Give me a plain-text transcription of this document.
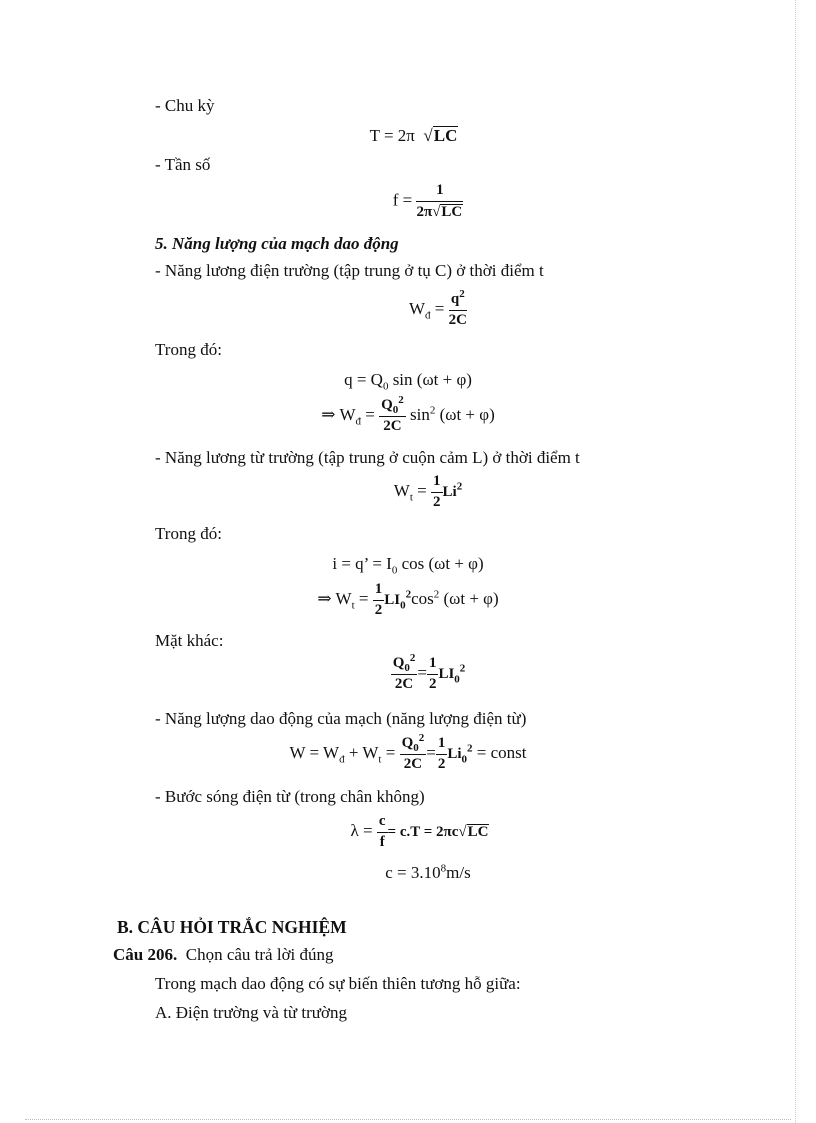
- Chu kỳ
T = 2π √LC
- Tần số
$f = \frac{1}{2\pi√LC}$
5. Năng lượng của mạch dao động
- Năng lương điện trường (tập trung ở tụ C) ở thời điểm t
$W_đ = \frac{q^2}{2C}$
Trong đó:
$q = Q_0$ sin (ωt + φ)
⇒ $W_đ = \frac{Q_0^2}{2C} \sin^2 (\omega t + \varphi)$
- Năng lương từ trường (tập trung ở cuộn cảm L) ở thời điểm t
$W_t = \frac{1}{2} Li^2$
Trong đó:
i = q’ = $I_0$ cos (ωt + φ)
⇒ $W_t = \frac{1}{2} LI_0^2\cos^2$ (ωt + φ)
Mặt khác:
$\frac{Q_0^2}{2C} = \frac{1}{2} LI_0^2$
- Năng lượng dao động của mạch (năng lượng điện từ)
$W = W_đ + W_t = \frac{Q_0^2}{2C} = \frac{1}{2} Li_0^2$ = const
- Bước sóng điện từ (trong chân không)
$\lambda = \frac{c}{f} = c.T = 2\pi c√LC$
$c = 3.10^8m/s$
B. CÂU HỎI TRẮC NGHIỆM
Câu 206. Chọn câu trả lời đúng
Trong mạch dao động có sự biến thiên tương hỗ giữa:
A. Điện trường và từ trường
